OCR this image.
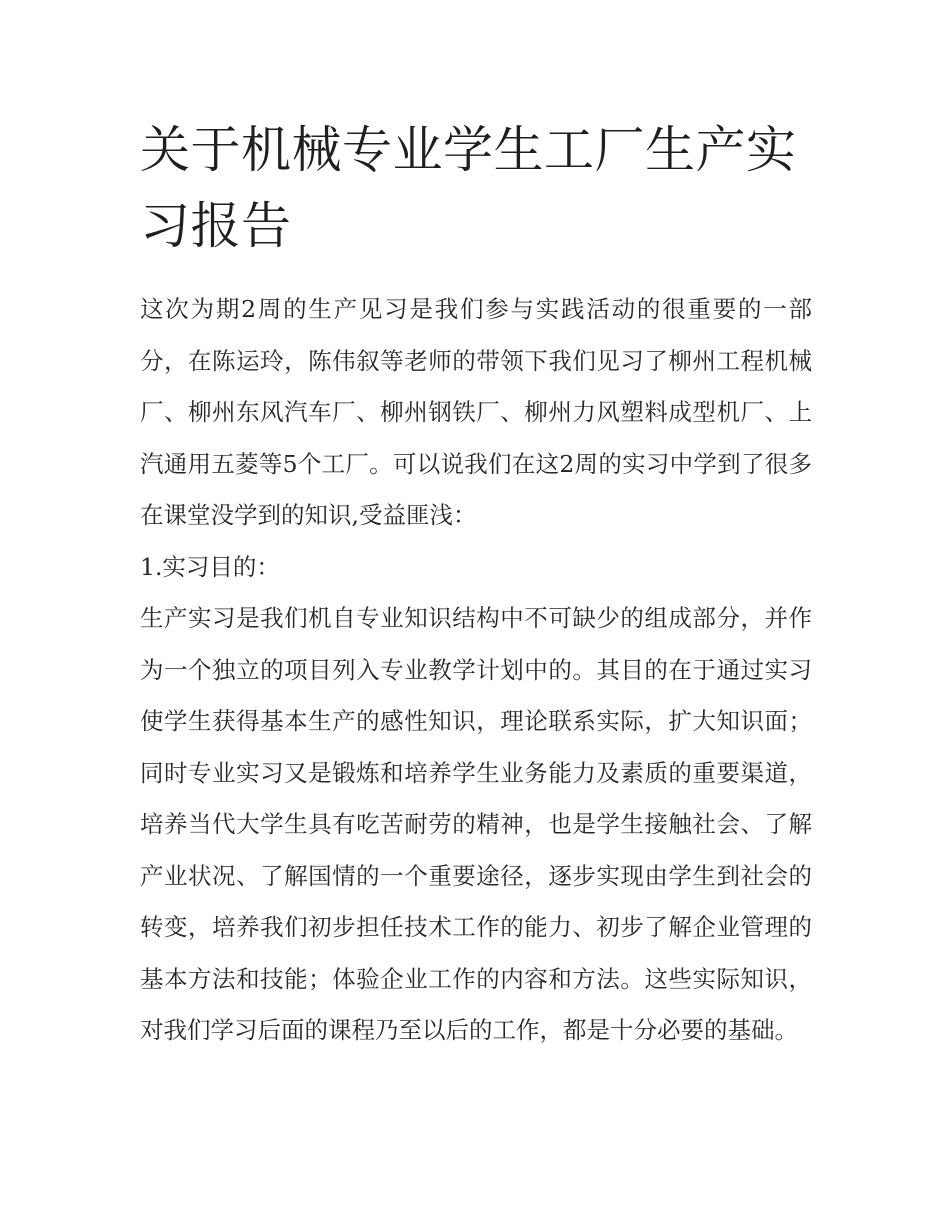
关于机械专业学生工厂生产实习报告

这次为期2周的生产见习是我们参与实践活动的很重要的一部分，在陈运玲，陈伟叙等老师的带领下我们见习了柳州工程机械厂、柳州东风汽车厂、柳州钢铁厂、柳州力风塑料成型机厂、上汽通用五菱等5个工厂。可以说我们在这2周的实习中学到了很多在课堂没学到的知识,受益匪浅：

1.实习目的：

生产实习是我们机自专业知识结构中不可缺少的组成部分，并作为一个独立的项目列入专业教学计划中的。其目的在于通过实习使学生获得基本生产的感性知识，理论联系实际，扩大知识面；同时专业实习又是锻炼和培养学生业务能力及素质的重要渠道，培养当代大学生具有吃苦耐劳的精神，也是学生接触社会、了解产业状况、了解国情的一个重要途径，逐步实现由学生到社会的转变，培养我们初步担任技术工作的能力、初步了解企业管理的基本方法和技能；体验企业工作的内容和方法。这些实际知识，对我们学习后面的课程乃至以后的工作，都是十分必要的基础。
